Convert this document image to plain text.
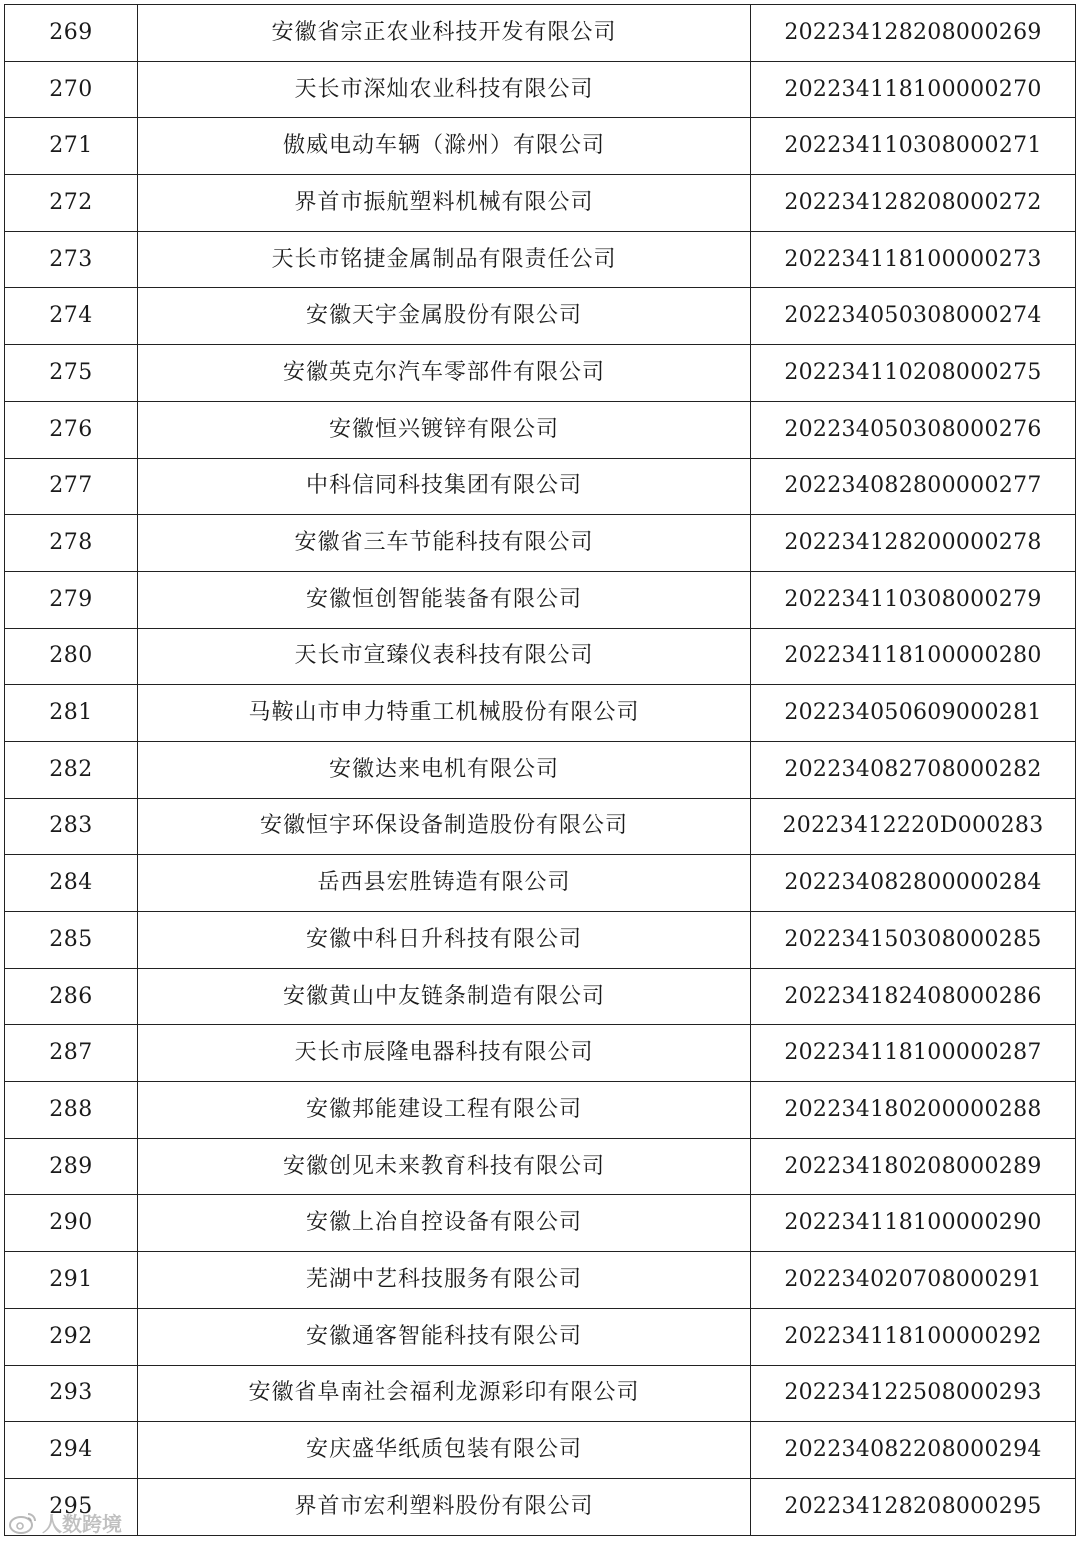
269	安徽省宗正农业科技开发有限公司	202234128208000269
270	天长市深灿农业科技有限公司	202234118100000270
271	傲威电动车辆（滁州）有限公司	202234110308000271
272	界首市振航塑料机械有限公司	202234128208000272
273	天长市铭捷金属制品有限责任公司	202234118100000273
274	安徽天宇金属股份有限公司	202234050308000274
275	安徽英克尔汽车零部件有限公司	202234110208000275
276	安徽恒兴镀锌有限公司	202234050308000276
277	中科信同科技集团有限公司	202234082800000277
278	安徽省三车节能科技有限公司	202234128200000278
279	安徽恒创智能装备有限公司	202234110308000279
280	天长市宣臻仪表科技有限公司	202234118100000280
281	马鞍山市申力特重工机械股份有限公司	202234050609000281
282	安徽达来电机有限公司	202234082708000282
283	安徽恒宇环保设备制造股份有限公司	20223412220D000283
284	岳西县宏胜铸造有限公司	202234082800000284
285	安徽中科日升科技有限公司	202234150308000285
286	安徽黄山中友链条制造有限公司	202234182408000286
287	天长市辰隆电器科技有限公司	202234118100000287
288	安徽邦能建设工程有限公司	202234180200000288
289	安徽创见未来教育科技有限公司	202234180208000289
290	安徽上冶自控设备有限公司	202234118100000290
291	芜湖中艺科技服务有限公司	202234020708000291
292	安徽通客智能科技有限公司	202234118100000292
293	安徽省阜南社会福利龙源彩印有限公司	202234122508000293
294	安庆盛华纸质包装有限公司	202234082208000294
295	界首市宏利塑料股份有限公司	202234128208000295
人数跨境
